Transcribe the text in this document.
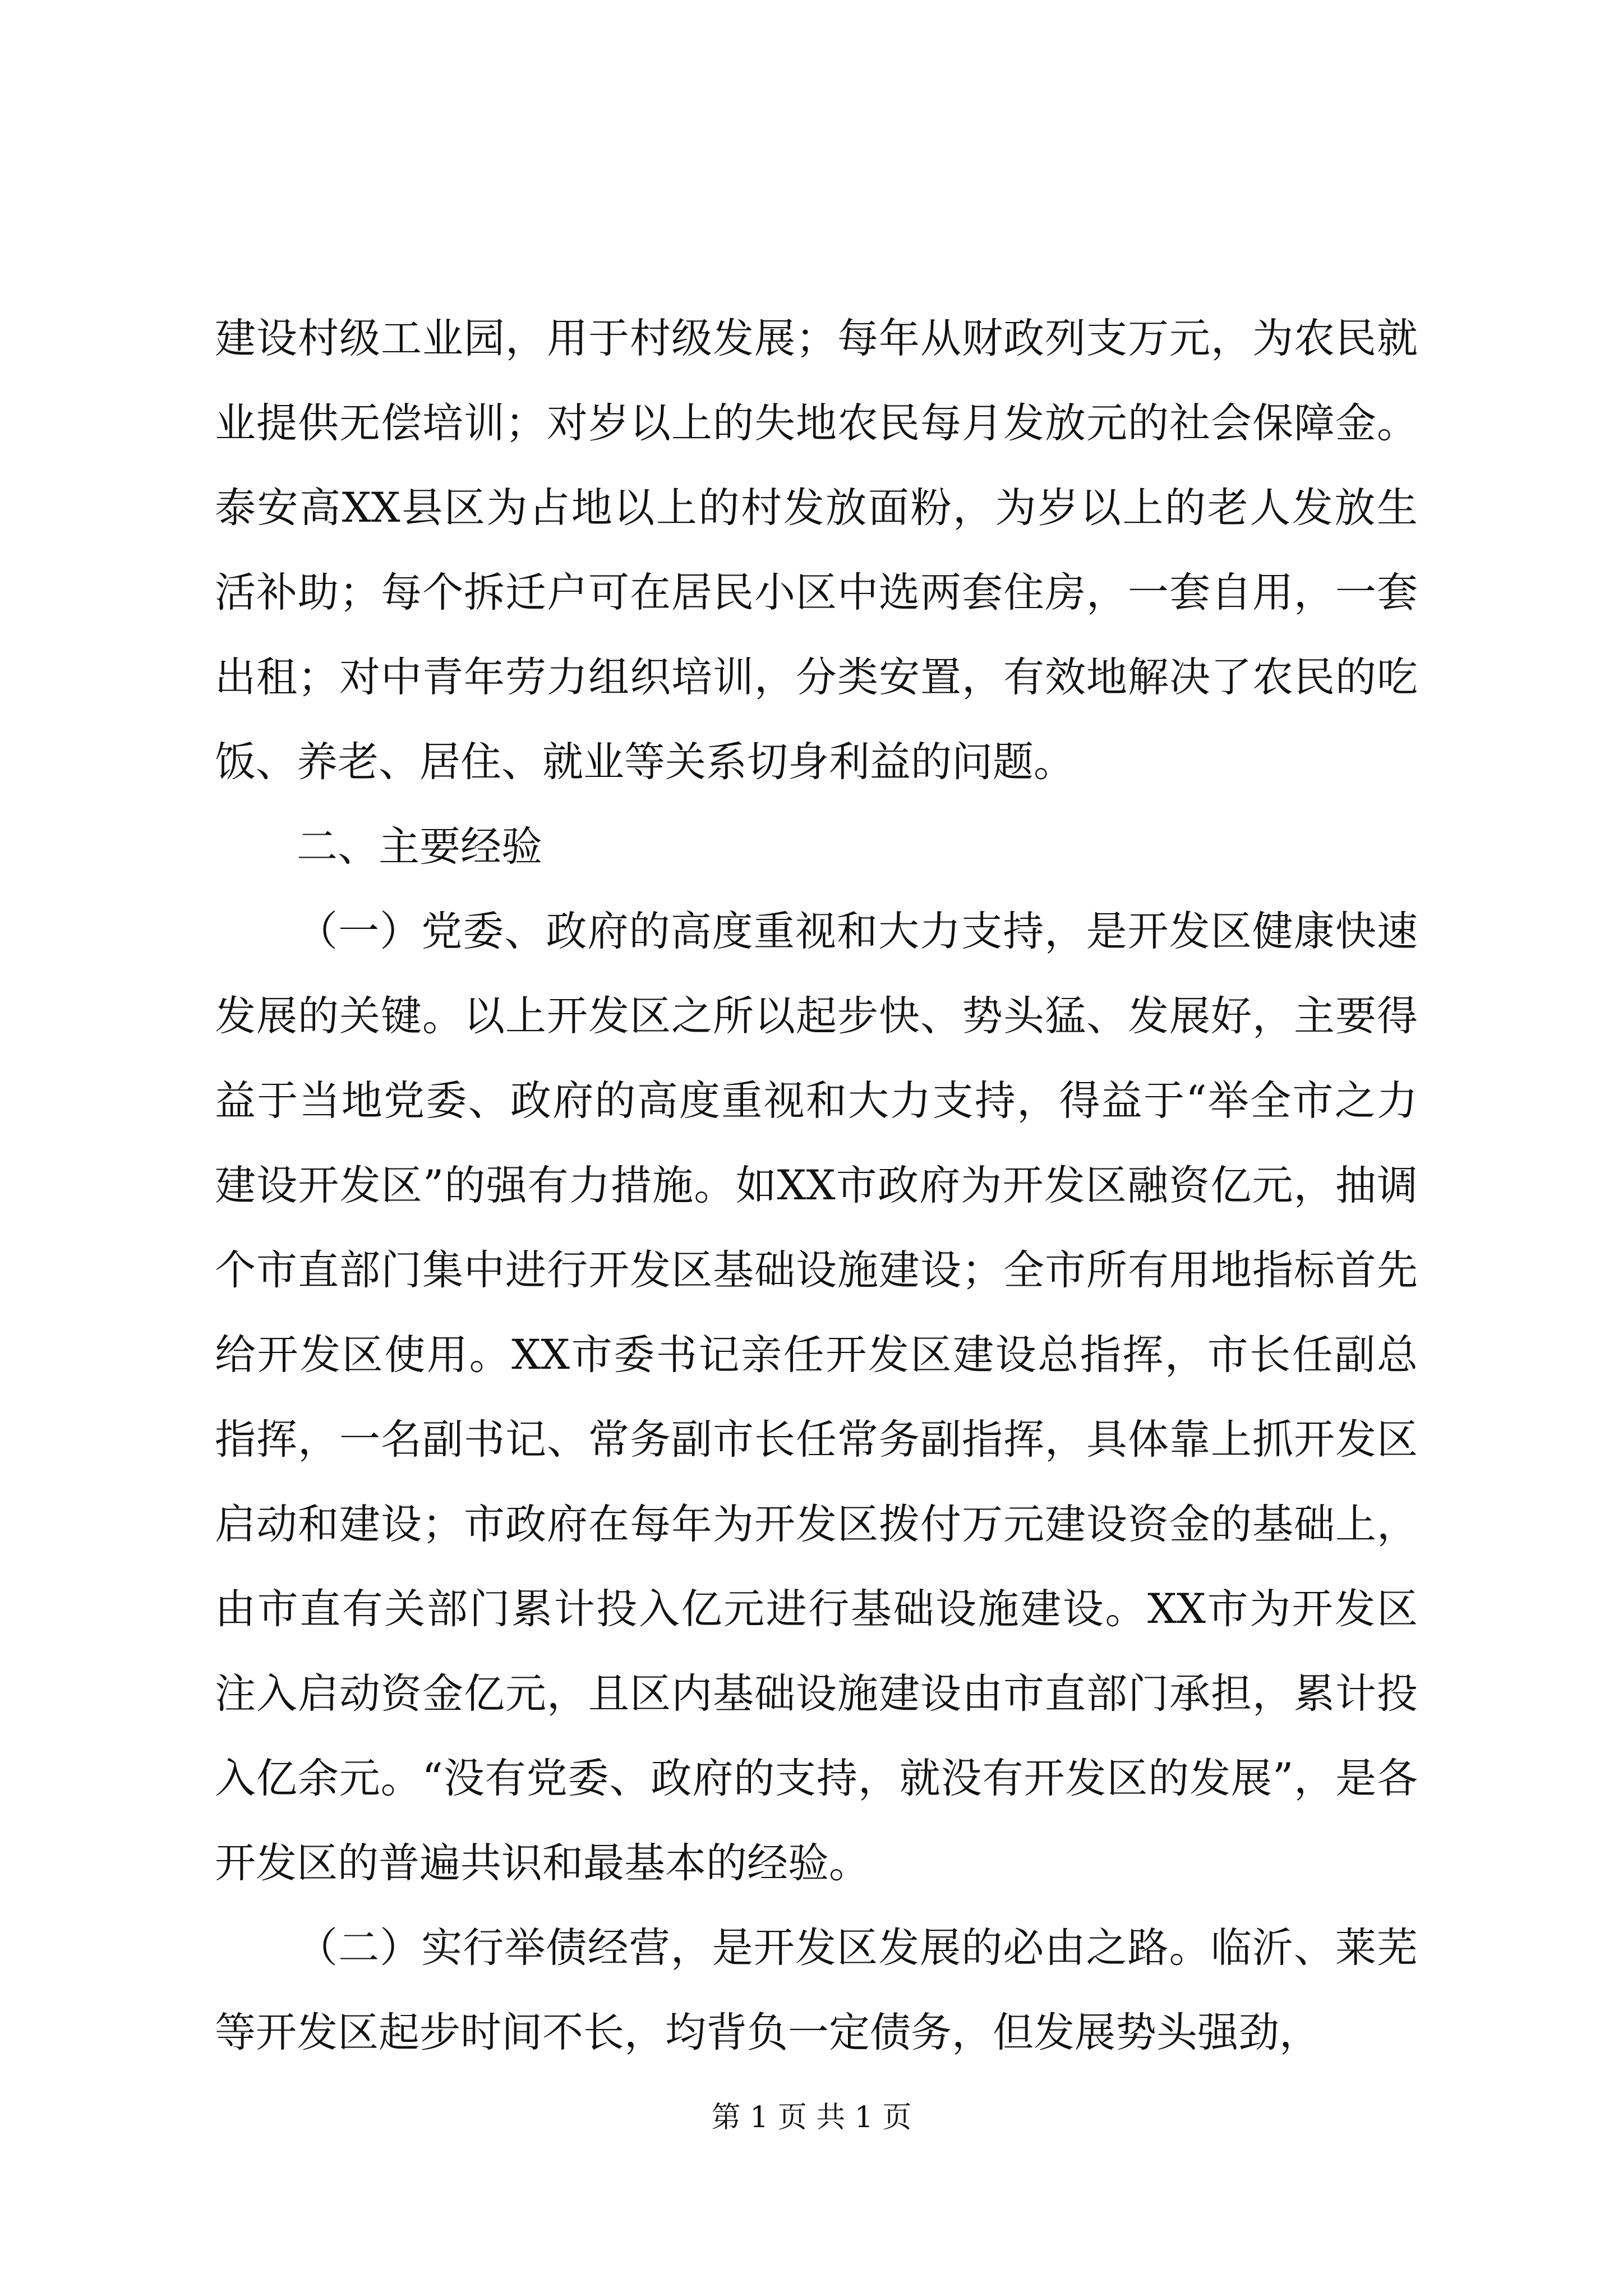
建设村级工业园，用于村级发展；每年从财政列支万元，为农民就业提供无偿培训；对岁以上的失地农民每月发放元的社会保障金。泰安高XX县区为占地以上的村发放面粉，为岁以上的老人发放生活补助；每个拆迁户可在居民小区中选两套住房，一套自用，一套出租；对中青年劳力组织培训，分类安置，有效地解决了农民的吃饭、养老、居住、就业等关系切身利益的问题。

二、主要经验

（一）党委、政府的高度重视和大力支持，是开发区健康快速发展的关键。以上开发区之所以起步快、势头猛、发展好，主要得益于当地党委、政府的高度重视和大力支持，得益于“举全市之力建设开发区”的强有力措施。如XX市政府为开发区融资亿元，抽调个市直部门集中进行开发区基础设施建设；全市所有用地指标首先给开发区使用。XX市委书记亲任开发区建设总指挥，市长任副总指挥，一名副书记、常务副市长任常务副指挥，具体靠上抓开发区启动和建设；市政府在每年为开发区拨付万元建设资金的基础上，由市直有关部门累计投入亿元进行基础设施建设。XX市为开发区注入启动资金亿元，且区内基础设施建设由市直部门承担，累计投入亿余元。“没有党委、政府的支持，就没有开发区的发展”，是各开发区的普遍共识和最基本的经验。

（二）实行举债经营，是开发区发展的必由之路。临沂、莱芜等开发区起步时间不长，均背负一定债务，但发展势头强劲，

第 1 页 共 1 页
